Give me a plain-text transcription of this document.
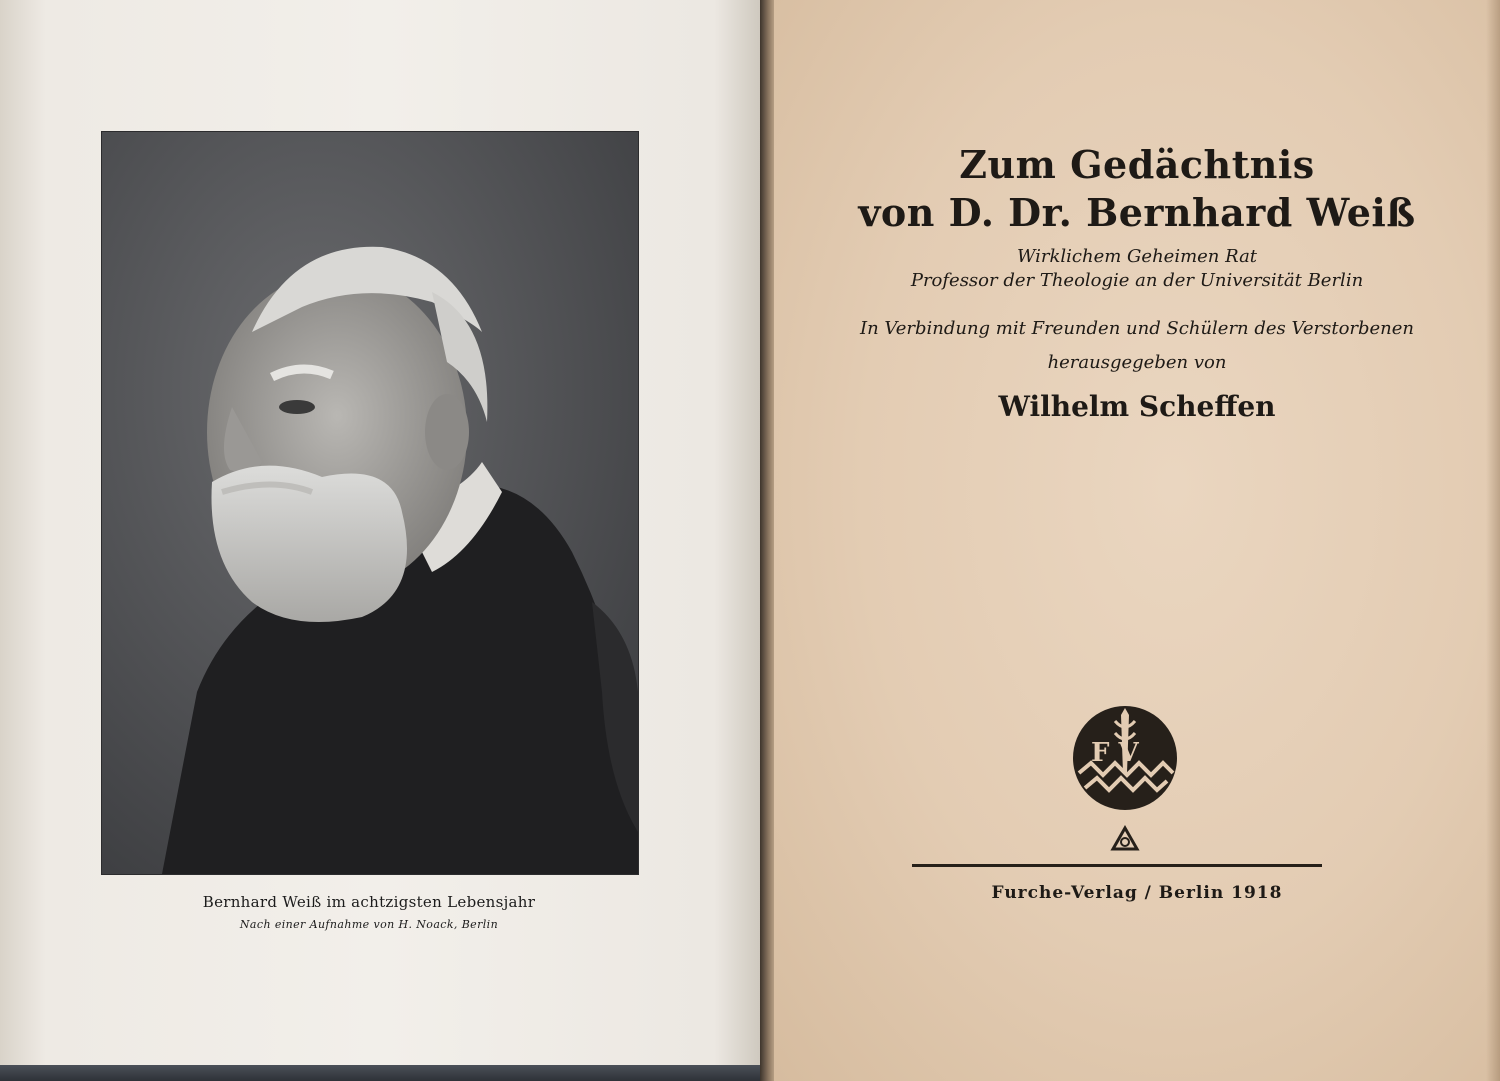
Bernhard Weiß im achtzigsten Lebensjahr
Nach einer Aufnahme von H. Noack, Berlin
Zum Gedächtnis
von D. Dr. Bernhard Weiß
Wirklichem Geheimen Rat
Professor der Theologie an der Universität Berlin
In Verbindung mit Freunden und Schülern des Verstorbenen
herausgegeben von
Wilhelm Scheffen
F V
Furche-Verlag / Berlin 1918
